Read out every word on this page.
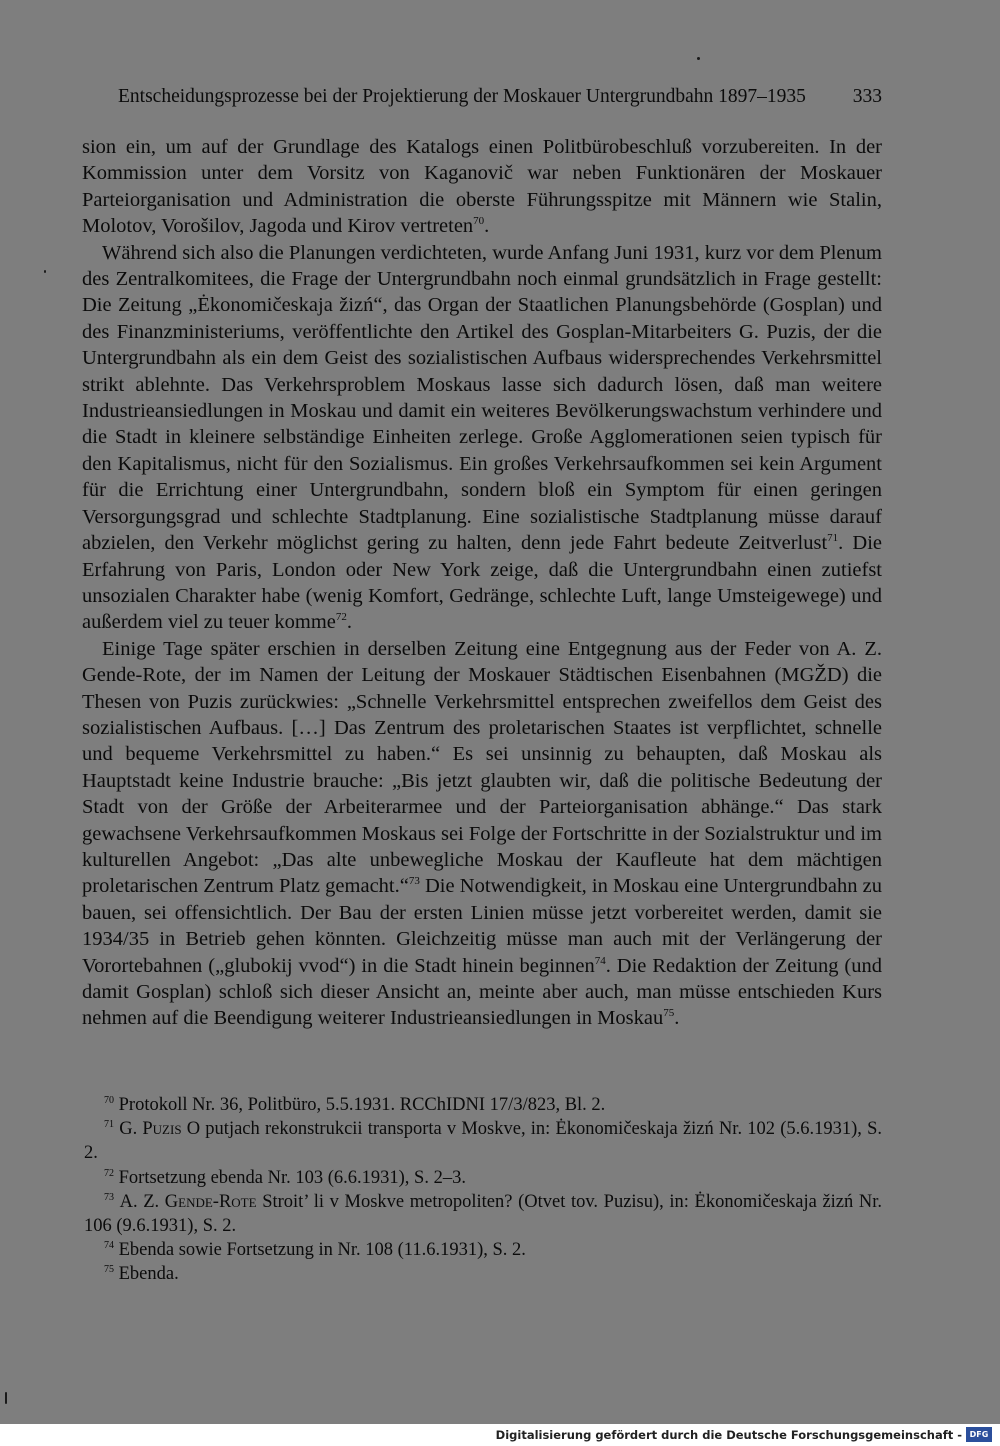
Entscheidungsprozesse bei der Projektierung der Moskauer Untergrundbahn 1897–1935 333

sion ein, um auf der Grundlage des Katalogs einen Politbürobeschluß vorzubereiten. In der Kommission unter dem Vorsitz von Kaganovič war neben Funktionären der Moskauer Parteiorganisation und Administration die oberste Führungsspitze mit Männern wie Stalin, Molotov, Vorošilov, Jagoda und Kirov vertreten$^{70}$.

Während sich also die Planungen verdichteten, wurde Anfang Juni 1931, kurz vor dem Plenum des Zentralkomitees, die Frage der Untergrundbahn noch einmal grundsätzlich in Frage gestellt: Die Zeitung „Ėkonomičeskaja žizń“, das Organ der Staatlichen Planungsbehörde (Gosplan) und des Finanzministeriums, veröffentlichte den Artikel des Gosplan-Mitarbeiters G. Puzis, der die Untergrundbahn als ein dem Geist des sozialistischen Aufbaus widersprechendes Verkehrsmittel strikt ablehnte. Das Verkehrsproblem Moskaus lasse sich dadurch lösen, daß man weitere Industrieansiedlungen in Moskau und damit ein weiteres Bevölkerungswachstum verhindere und die Stadt in kleinere selbständige Einheiten zerlege. Große Agglomerationen seien typisch für den Kapitalismus, nicht für den Sozialismus. Ein großes Verkehrsaufkommen sei kein Argument für die Errichtung einer Untergrundbahn, sondern bloß ein Symptom für einen geringen Versorgungsgrad und schlechte Stadtplanung. Eine sozialistische Stadtplanung müsse darauf abzielen, den Verkehr möglichst gering zu halten, denn jede Fahrt bedeute Zeitverlust$^{71}$. Die Erfahrung von Paris, London oder New York zeige, daß die Untergrundbahn einen zutiefst unsozialen Charakter habe (wenig Komfort, Gedränge, schlechte Luft, lange Umsteigewege) und außerdem viel zu teuer komme$^{72}$.

Einige Tage später erschien in derselben Zeitung eine Entgegnung aus der Feder von A. Z. Gende-Rote, der im Namen der Leitung der Moskauer Städtischen Eisenbahnen (MGŽD) die Thesen von Puzis zurückwies: „Schnelle Verkehrsmittel entsprechen zweifellos dem Geist des sozialistischen Aufbaus. […] Das Zentrum des proletarischen Staates ist verpflichtet, schnelle und bequeme Verkehrsmittel zu haben.“ Es sei unsinnig zu behaupten, daß Moskau als Hauptstadt keine Industrie brauche: „Bis jetzt glaubten wir, daß die politische Bedeutung der Stadt von der Größe der Arbeiterarmee und der Parteiorganisation abhänge.“ Das stark gewachsene Verkehrsaufkommen Moskaus sei Folge der Fortschritte in der Sozialstruktur und im kulturellen Angebot: „Das alte unbewegliche Moskau der Kaufleute hat dem mächtigen proletarischen Zentrum Platz gemacht.“$^{73}$ Die Notwendigkeit, in Moskau eine Untergrundbahn zu bauen, sei offensichtlich. Der Bau der ersten Linien müsse jetzt vorbereitet werden, damit sie 1934/35 in Betrieb gehen könnten. Gleichzeitig müsse man auch mit der Verlängerung der Vorortebahnen („glubokij vvod“) in die Stadt hinein beginnen$^{74}$. Die Redaktion der Zeitung (und damit Gosplan) schloß sich dieser Ansicht an, meinte aber auch, man müsse entschieden Kurs nehmen auf die Beendigung weiterer Industrieansiedlungen in Moskau$^{75}$.

$^{70}$ Protokoll Nr. 36, Politbüro, 5.5.1931. RCChIDNI 17/3/823, Bl. 2.

$^{71}$ G. Puzis O putjach rekonstrukcii transporta v Moskve, in: Ėkonomičeskaja žizń Nr. 102 (5.6.1931), S. 2.

$^{72}$ Fortsetzung ebenda Nr. 103 (6.6.1931), S. 2–3.

$^{73}$ A. Z. Gende-Rote Stroit’ li v Moskve metropoliten? (Otvet tov. Puzisu), in: Ėkonomičeskaja žizń Nr. 106 (9.6.1931), S. 2.

$^{74}$ Ebenda sowie Fortsetzung in Nr. 108 (11.6.1931), S. 2.

$^{75}$ Ebenda.

Digitalisierung gefördert durch die Deutsche Forschungsgemeinschaft - DFG
